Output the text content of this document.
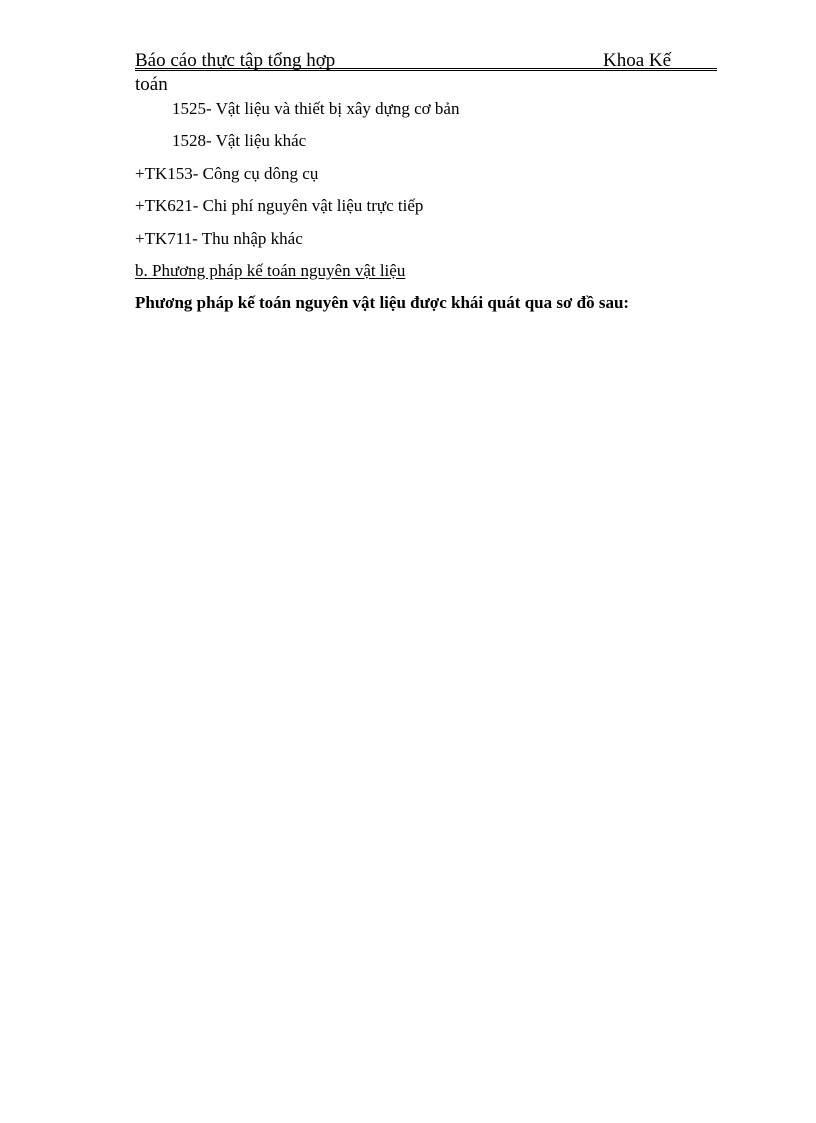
Báo cáo thực tập tổng hợp	Khoa Kế
toán
1525- Vật liệu và thiết bị xây dựng cơ bản
1528- Vật liệu khác
+TK153- Công cụ dông cụ
+TK621- Chi phí nguyên vật liệu trực tiếp
+TK711- Thu nhập khác
b. Phương pháp kế toán nguyên vật liệu
Phương pháp kế toán nguyên vật liệu được khái quát qua sơ đồ sau:
